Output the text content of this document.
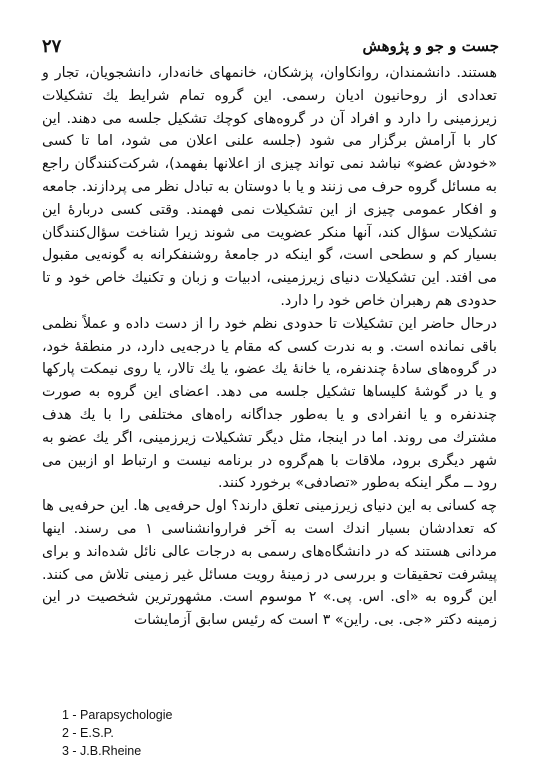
جست و جو و پژوهش
۲۷

هستند. دانشمندان، روانکاوان، پزشکان، خانمهای خانه‌دار، دانشجویان، تجار و تعدادی از روحانیون ادیان رسمی. این گروه تمام شرایط یك تشکیلات زیرزمینی را دارد و افراد آن در گروه‌های کوچك تشکیل جلسه می دهند. این کار با آرامش برگزار می شود (جلسه علنی اعلان می شود، اما تا کسی «خودش عضو» نباشد نمی تواند چیزی از اعلانها بفهمد)، شرکت‌کنندگان راجع به مسائل گروه حرف می زنند و یا با دوستان به تبادل نظر می پردازند. جامعه و افکار عمومی چیزی از این تشکیلات نمی فهمند. وقتی کسی دربارهٔ این تشکیلات سؤال کند، آنها منکر عضویت می شوند زیرا شناخت سؤال‌کنندگان بسیار کم و سطحی است، گو اینکه در جامعهٔ روشنفکرانه به گونه‌یی مقبول می افتد. این تشکیلات دنیای زیرزمینی، ادبیات و زبان و تکنیك خاص خود و تا حدودی هم رهبران خاص خود را دارد.

درحال حاضر این تشکیلات تا حدودی نظم خود را از دست داده و عملاً نظمی باقی نمانده است. و به ندرت کسی که مقام یا درجه‌یی دارد، در منطقهٔ خود، در گروه‌های سادهٔ چندنفره، یا خانهٔ یك عضو، یا یك تالار، یا روی نیمکت پارکها و یا در گوشهٔ کلیساها تشکیل جلسه می دهد. اعضای این گروه به صورت چندنفره و یا انفرادی و یا به‌طور جداگانه راه‌های مختلفی را با یك هدف مشترك می روند. اما در اینجا، مثل دیگر تشکیلات زیرزمینی، اگر یك عضو به شهر دیگری برود، ملاقات با هم‌گروه در برنامه نیست و ارتباط او ازبین می رود ــ مگر اینکه به‌طور «تصادفی» برخورد کنند.

چه کسانی به این دنیای زیرزمینی تعلق دارند؟ اول حرفه‌یی ها. این حرفه‌یی ها که تعدادشان بسیار اندك است به آخر فراروانشناسی ۱ می رسند. اینها مردانی هستند که در دانشگاه‌های رسمی به درجات عالی نائل شده‌اند و برای پیشرفت تحقیقات و بررسی در زمینهٔ رویت مسائل غیر زمینی تلاش می کنند. این گروه به «ای. اس. پی.» ۲ موسوم است. مشهورترین شخصیت در این زمینه دکتر «جی. بی. راین» ۳ است که رئیس سابق آزمایشات

1 - Parapsychologie

2 - E.S.P.

3 - J.B.Rheine
